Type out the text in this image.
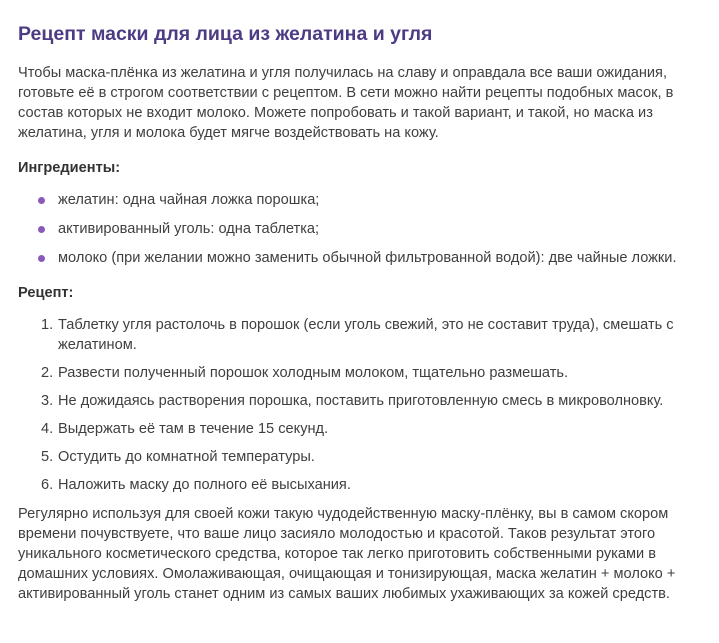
Рецепт маски для лица из желатина и угля

Чтобы маска-плёнка из желатина и угля получилась на славу и оправдала все ваши ожидания, готовьте её в строгом соответствии с рецептом. В сети можно найти рецепты подобных масок, в состав которых не входит молоко. Можете попробовать и такой вариант, и такой, но маска из желатина, угля и молока будет мягче воздействовать на кожу.

Ингредиенты:
желатин: одна чайная ложка порошка;
активированный уголь: одна таблетка;
молоко (при желании можно заменить обычной фильтрованной водой): две чайные ложки.
Рецепт:
1. Таблетку угля растолочь в порошок (если уголь свежий, это не составит труда), смешать с желатином.
2. Развести полученный порошок холодным молоком, тщательно размешать.
3. Не дожидаясь растворения порошка, поставить приготовленную смесь в микроволновку.
4. Выдержать её там в течение 15 секунд.
5. Остудить до комнатной температуры.
6. Наложить маску до полного её высыхания.

Регулярно используя для своей кожи такую чудодейственную маску-плёнку, вы в самом скором времени почувствуете, что ваше лицо засияло молодостью и красотой. Таков результат этого уникального косметического средства, которое так легко приготовить собственными руками в домашних условиях. Омолаживающая, очищающая и тонизирующая, маска желатин + молоко + активированный уголь станет одним из самых ваших любимых ухаживающих за кожей средств.
